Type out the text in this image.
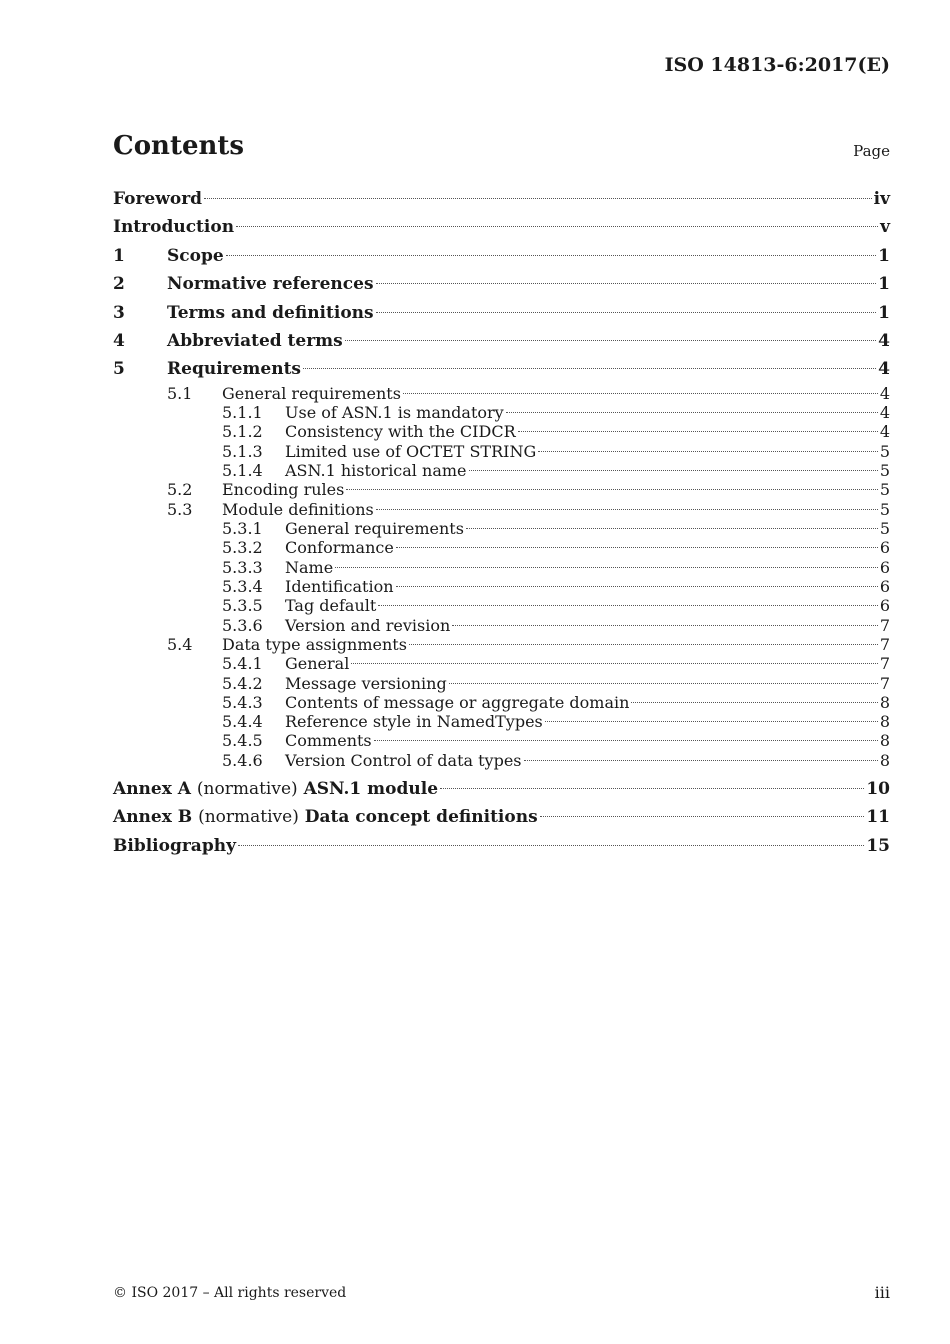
ISO 14813-6:2017(E)
Contents	Page
Foreword	iv
Introduction	v
1	Scope	1
2	Normative references	1
3	Terms and definitions	1
4	Abbreviated terms	4
5	Requirements	4
5.1	General requirements	4
5.1.1	Use of ASN.1 is mandatory	4
5.1.2	Consistency with the CIDCR	4
5.1.3	Limited use of OCTET STRING	5
5.1.4	ASN.1 historical name	5
5.2	Encoding rules	5
5.3	Module definitions	5
5.3.1	General requirements	5
5.3.2	Conformance	6
5.3.3	Name	6
5.3.4	Identification	6
5.3.5	Tag default	6
5.3.6	Version and revision	7
5.4	Data type assignments	7
5.4.1	General	7
5.4.2	Message versioning	7
5.4.3	Contents of message or aggregate domain	8
5.4.4	Reference style in NamedTypes	8
5.4.5	Comments	8
5.4.6	Version Control of data types	8
Annex A (normative) ASN.1 module	10
Annex B (normative) Data concept definitions	11
Bibliography	15
© ISO 2017 – All rights reserved	iii
